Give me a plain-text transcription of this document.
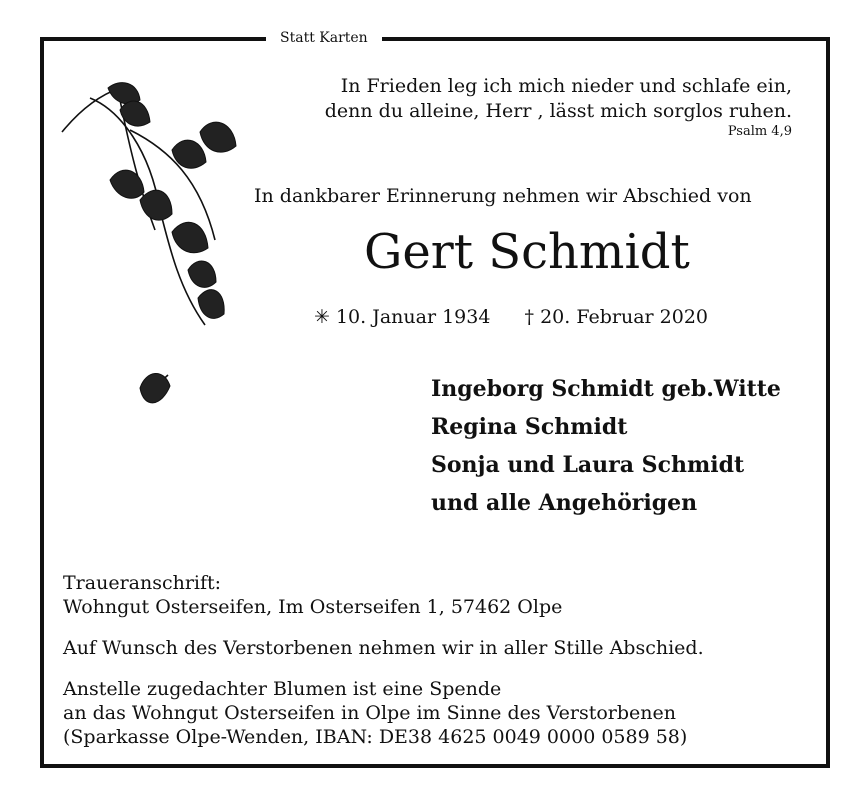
Statt Karten
In Frieden leg ich mich nieder und schlafe ein,
denn du alleine, Herr , lässt mich sorglos ruhen.
Psalm 4,9
In dankbarer Erinnerung nehmen wir Abschied von
Gert Schmidt
✳ 10. Januar 1934 † 20. Februar 2020
Ingeborg Schmidt geb.Witte
Regina Schmidt
Sonja und Laura Schmidt
und alle Angehörigen
Traueranschrift:
Wohngut Osterseifen, Im Osterseifen 1, 57462 Olpe
Auf Wunsch des Verstorbenen nehmen wir in aller Stille Abschied.
Anstelle zugedachter Blumen ist eine Spende
an das Wohngut Osterseifen in Olpe im Sinne des Verstorbenen
(Sparkasse Olpe-Wenden, IBAN: DE38 4625 0049 0000 0589 58)
